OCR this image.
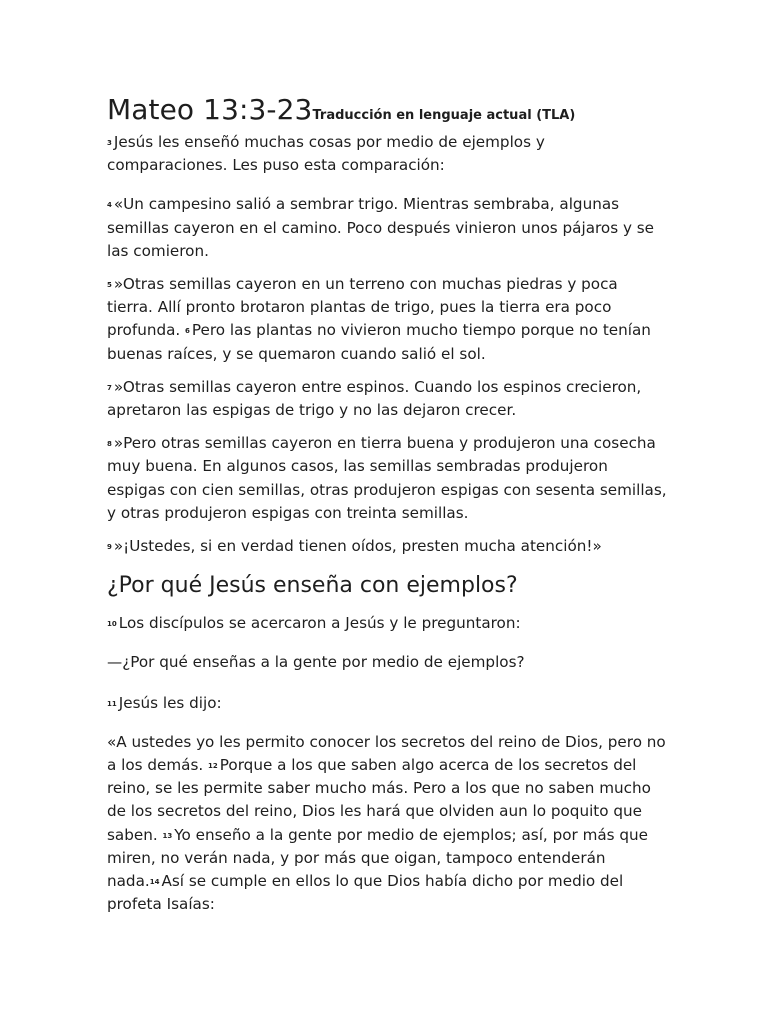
Mateo 13:3-23Traducción en lenguaje actual (TLA)

$^3$ Jesús les enseñó muchas cosas por medio de ejemplos y comparaciones. Les puso esta comparación:

$^4$ «Un campesino salió a sembrar trigo. Mientras sembraba, algunas semillas cayeron en el camino. Poco después vinieron unos pájaros y se las comieron.

$^5$ »Otras semillas cayeron en un terreno con muchas piedras y poca tierra. Allí pronto brotaron plantas de trigo, pues la tierra era poco profunda. $^6$ Pero las plantas no vivieron mucho tiempo porque no tenían buenas raíces, y se quemaron cuando salió el sol.

$^7$ »Otras semillas cayeron entre espinos. Cuando los espinos crecieron, apretaron las espigas de trigo y no las dejaron crecer.

$^8$ »Pero otras semillas cayeron en tierra buena y produjeron una cosecha muy buena. En algunos casos, las semillas sembradas produjeron espigas con cien semillas, otras produjeron espigas con sesenta semillas, y otras produjeron espigas con treinta semillas.

$^9$ »¡Ustedes, si en verdad tienen oídos, presten mucha atención!»

¿Por qué Jesús enseña con ejemplos?

$^{10}$ Los discípulos se acercaron a Jesús y le preguntaron:

—¿Por qué enseñas a la gente por medio de ejemplos?

$^{11}$ Jesús les dijo:

«A ustedes yo les permito conocer los secretos del reino de Dios, pero no a los demás. $^{12}$ Porque a los que saben algo acerca de los secretos del reino, se les permite saber mucho más. Pero a los que no saben mucho de los secretos del reino, Dios les hará que olviden aun lo poquito que saben. $^{13}$ Yo enseño a la gente por medio de ejemplos; así, por más que miren, no verán nada, y por más que oigan, tampoco entenderán nada.$^{14}$ Así se cumple en ellos lo que Dios había dicho por medio del profeta Isaías:
